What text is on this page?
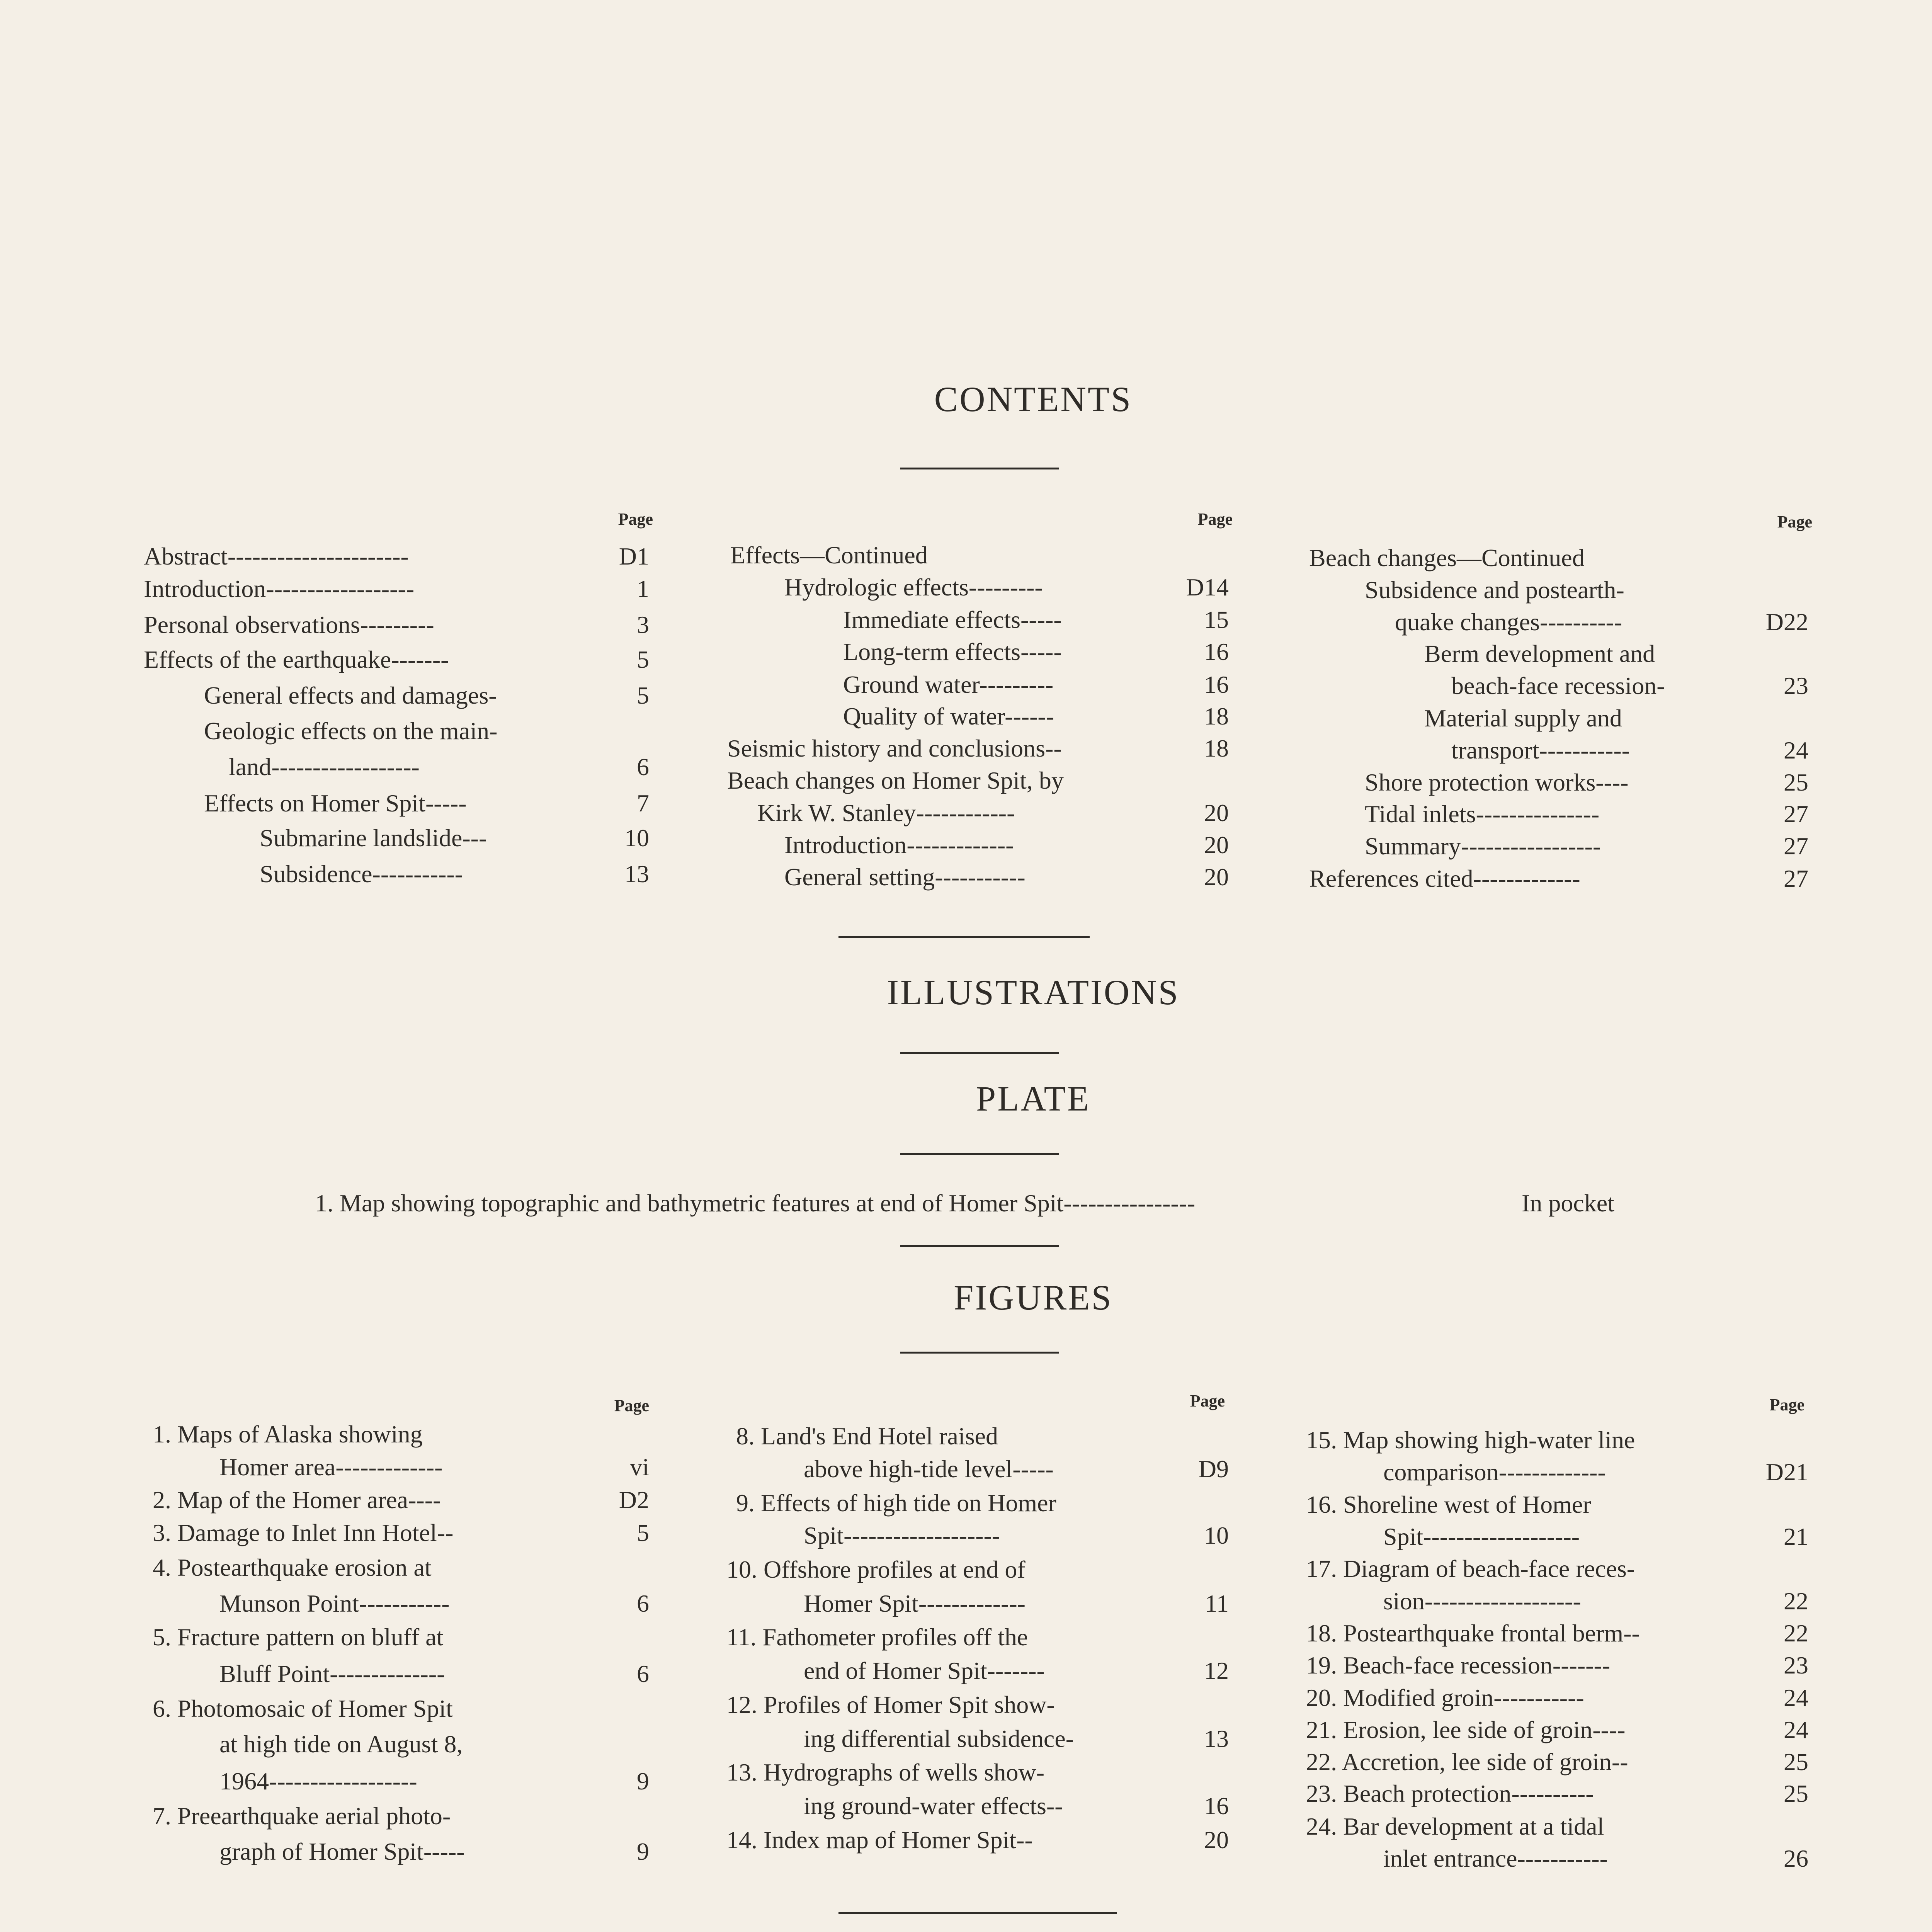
CONTENTS
Page	Page	Page
Abstract----------------------	D1
Introduction------------------	1
Personal observations---------	3
Effects of the earthquake-------	5
General effects and damages-	5
Geologic effects on the main-
land------------------	6
Effects on Homer Spit-----	7
Submarine landslide---	10
Subsidence-----------	13
Effects—Continued
Hydrologic effects---------	D14
Immediate effects-----	15
Long-term effects-----	16
Ground water---------	16
Quality of water------	18
Seismic history and conclusions--	18
Beach changes on Homer Spit, by
Kirk W. Stanley------------	20
Introduction-------------	20
General setting-----------	20
Beach changes—Continued
Subsidence and postearth-
quake changes----------	D22
Berm development and
beach-face recession-	23
Material supply and
transport-----------	24
Shore protection works----	25
Tidal inlets---------------	27
Summary-----------------	27
References cited-------------	27
ILLUSTRATIONS
PLATE
1. Map showing topographic and bathymetric features at end of Homer Spit----------------	In pocket
FIGURES
Page	Page	Page
1. Maps of Alaska showing
Homer area-------------	vi
2. Map of the Homer area----	D2
3. Damage to Inlet Inn Hotel--	5
4. Postearthquake erosion at
Munson Point-----------	6
5. Fracture pattern on bluff at
Bluff Point--------------	6
6. Photomosaic of Homer Spit
at high tide on August 8,
1964------------------	9
7. Preearthquake aerial photo-
graph of Homer Spit-----	9
8. Land's End Hotel raised
above high-tide level-----	D9
9. Effects of high tide on Homer
Spit-------------------	10
10. Offshore profiles at end of
Homer Spit-------------	11
11. Fathometer profiles off the
end of Homer Spit-------	12
12. Profiles of Homer Spit show-
ing differential subsidence-	13
13. Hydrographs of wells show-
ing ground-water effects--	16
14. Index map of Homer Spit--	20
15. Map showing high-water line
comparison-------------	D21
16. Shoreline west of Homer
Spit-------------------	21
17. Diagram of beach-face reces-
sion-------------------	22
18. Postearthquake frontal berm--	22
19. Beach-face recession-------	23
20. Modified groin-----------	24
21. Erosion, lee side of groin----	24
22. Accretion, lee side of groin--	25
23. Beach protection----------	25
24. Bar development at a tidal
inlet entrance-----------	26
